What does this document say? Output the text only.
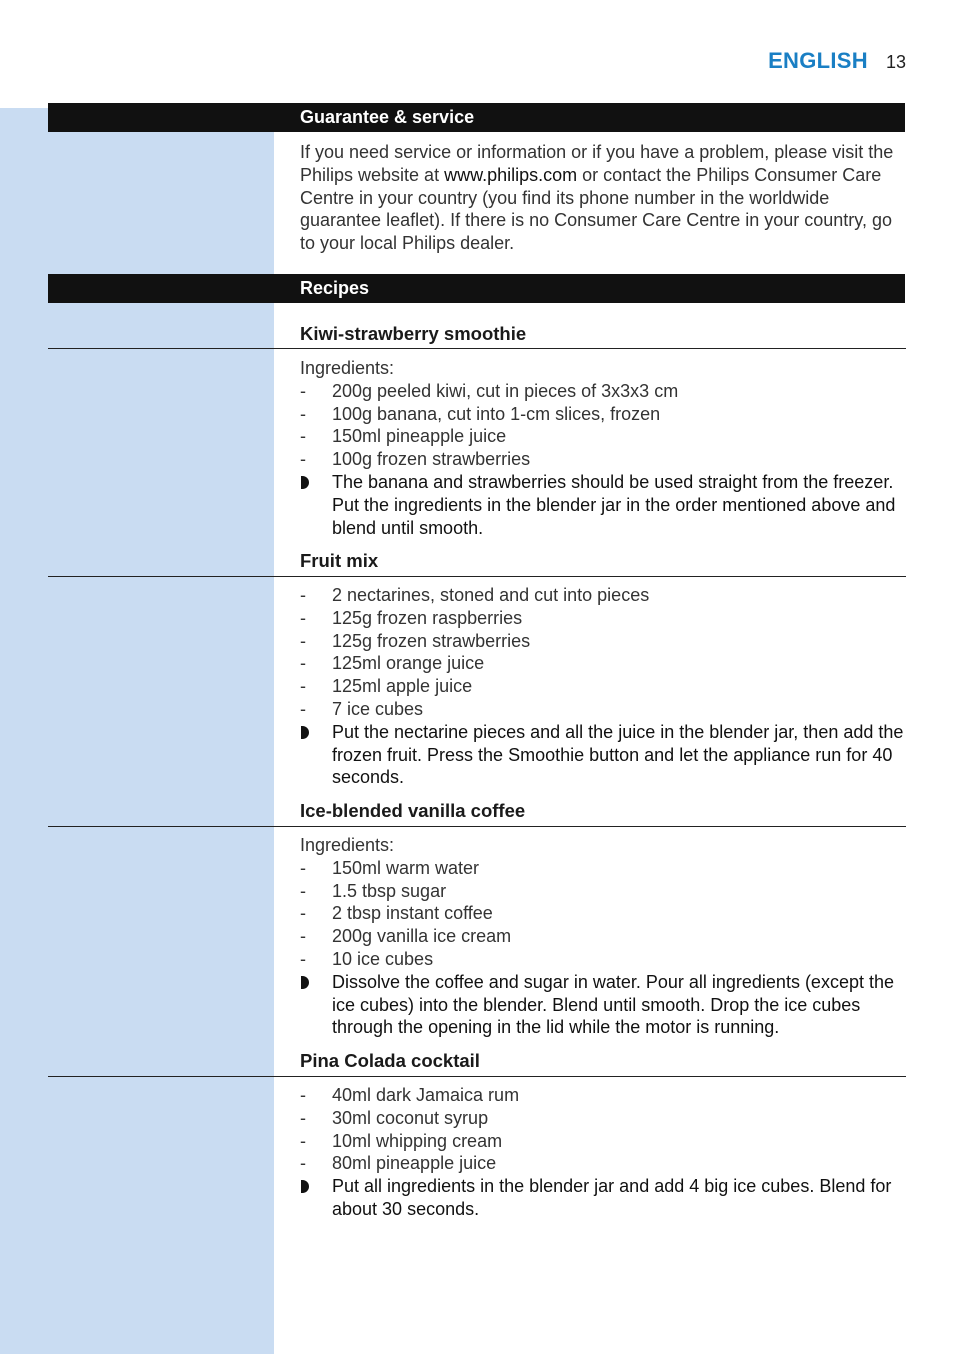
ENGLISH 13
Guarantee & service

If you need service or information or if you have a problem, please visit the Philips website at www.philips.com or contact the Philips Consumer Care Centre in your country (you find its phone number in the worldwide guarantee leaflet). If there is no Consumer Care Centre in your country, go to your local Philips dealer.

Recipes
Kiwi-strawberry smoothie

Ingredients:

- 200g peeled kiwi, cut in pieces of 3x3x3 cm
- 100g banana, cut into 1-cm slices, frozen
- 150ml pineapple juice
- 100g frozen strawberries
The banana and strawberries should be used straight from the freezer. Put the ingredients in the blender jar in the order mentioned above and blend until smooth.
Fruit mix
- 2 nectarines, stoned and cut into pieces
- 125g frozen raspberries
- 125g frozen strawberries
- 125ml orange juice
- 125ml apple juice
- 7 ice cubes
Put the nectarine pieces and all the juice in the blender jar, then add the frozen fruit. Press the Smoothie button and let the appliance run for 40 seconds.
Ice-blended vanilla coffee

Ingredients:

- 150ml warm water
- 1.5 tbsp sugar
- 2 tbsp instant coffee
- 200g vanilla ice cream
- 10 ice cubes
Dissolve the coffee and sugar in water. Pour all ingredients (except the ice cubes) into the blender. Blend until smooth. Drop the ice cubes through the opening in the lid while the motor is running.
Pina Colada cocktail
- 40ml dark Jamaica rum
- 30ml coconut syrup
- 10ml whipping cream
- 80ml pineapple juice
Put all ingredients in the blender jar and add 4 big ice cubes. Blend for about 30 seconds.
